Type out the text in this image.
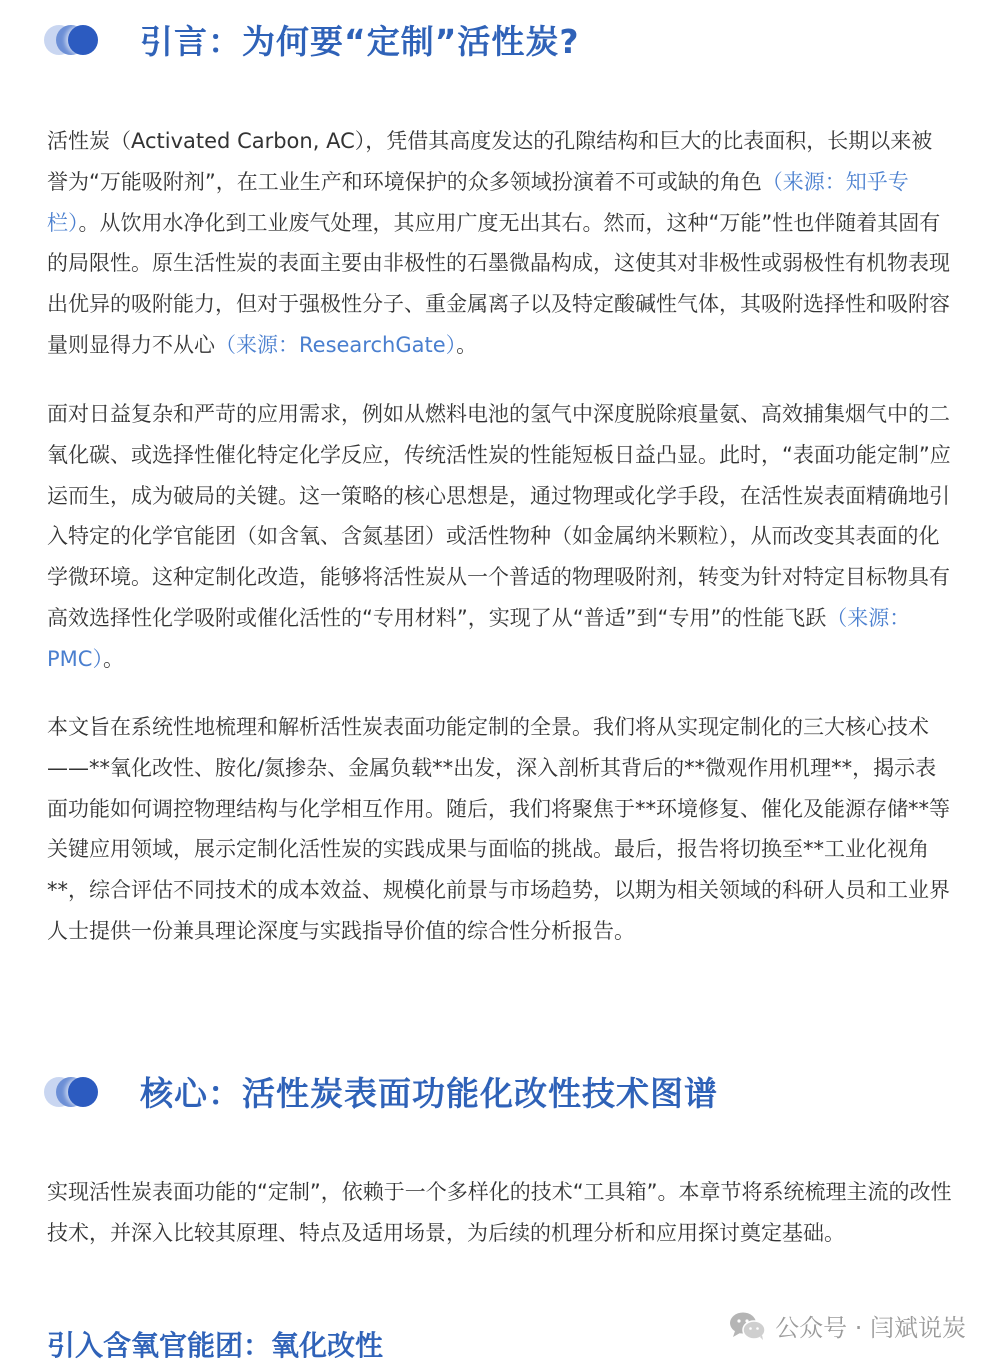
引言：为何要“定制”活性炭?

活性炭（Activated Carbon, AC），凭借其高度发达的孔隙结构和巨大的比表面积，长期以来被誉为“万能吸附剂”，在工业生产和环境保护的众多领域扮演着不可或缺的角色（来源：知乎专栏）。从饮用水净化到工业废气处理，其应用广度无出其右。然而，这种“万能”性也伴随着其固有的局限性。原生活性炭的表面主要由非极性的石墨微晶构成，这使其对非极性或弱极性有机物表现出优异的吸附能力，但对于强极性分子、重金属离子以及特定酸碱性气体，其吸附选择性和吸附容量则显得力不从心（来源：ResearchGate）。

面对日益复杂和严苛的应用需求，例如从燃料电池的氢气中深度脱除痕量氨、高效捕集烟气中的二氧化碳、或选择性催化特定化学反应，传统活性炭的性能短板日益凸显。此时，“表面功能定制”应运而生，成为破局的关键。这一策略的核心思想是，通过物理或化学手段，在活性炭表面精确地引入特定的化学官能团（如含氧、含氮基团）或活性物种（如金属纳米颗粒），从而改变其表面的化学微环境。这种定制化改造，能够将活性炭从一个普适的物理吸附剂，转变为针对特定目标物具有高效选择性化学吸附或催化活性的“专用材料”，实现了从“普适”到“专用”的性能飞跃（来源：PMC）。

本文旨在系统性地梳理和解析活性炭表面功能定制的全景。我们将从实现定制化的三大核心技术——**氧化改性、胺化/氮掺杂、金属负载**出发，深入剖析其背后的**微观作用机理**，揭示表面功能如何调控物理结构与化学相互作用。随后，我们将聚焦于**环境修复、催化及能源存储**等关键应用领域，展示定制化活性炭的实践成果与面临的挑战。最后，报告将切换至**工业化视角**，综合评估不同技术的成本效益、规模化前景与市场趋势，以期为相关领域的科研人员和工业界人士提供一份兼具理论深度与实践指导价值的综合性分析报告。

核心：活性炭表面功能化改性技术图谱

实现活性炭表面功能的“定制”，依赖于一个多样化的技术“工具箱”。本章节将系统梳理主流的改性技术，并深入比较其原理、特点及适用场景，为后续的机理分析和应用探讨奠定基础。

引入含氧官能团：氧化改性
公众号 · 闫斌说炭
